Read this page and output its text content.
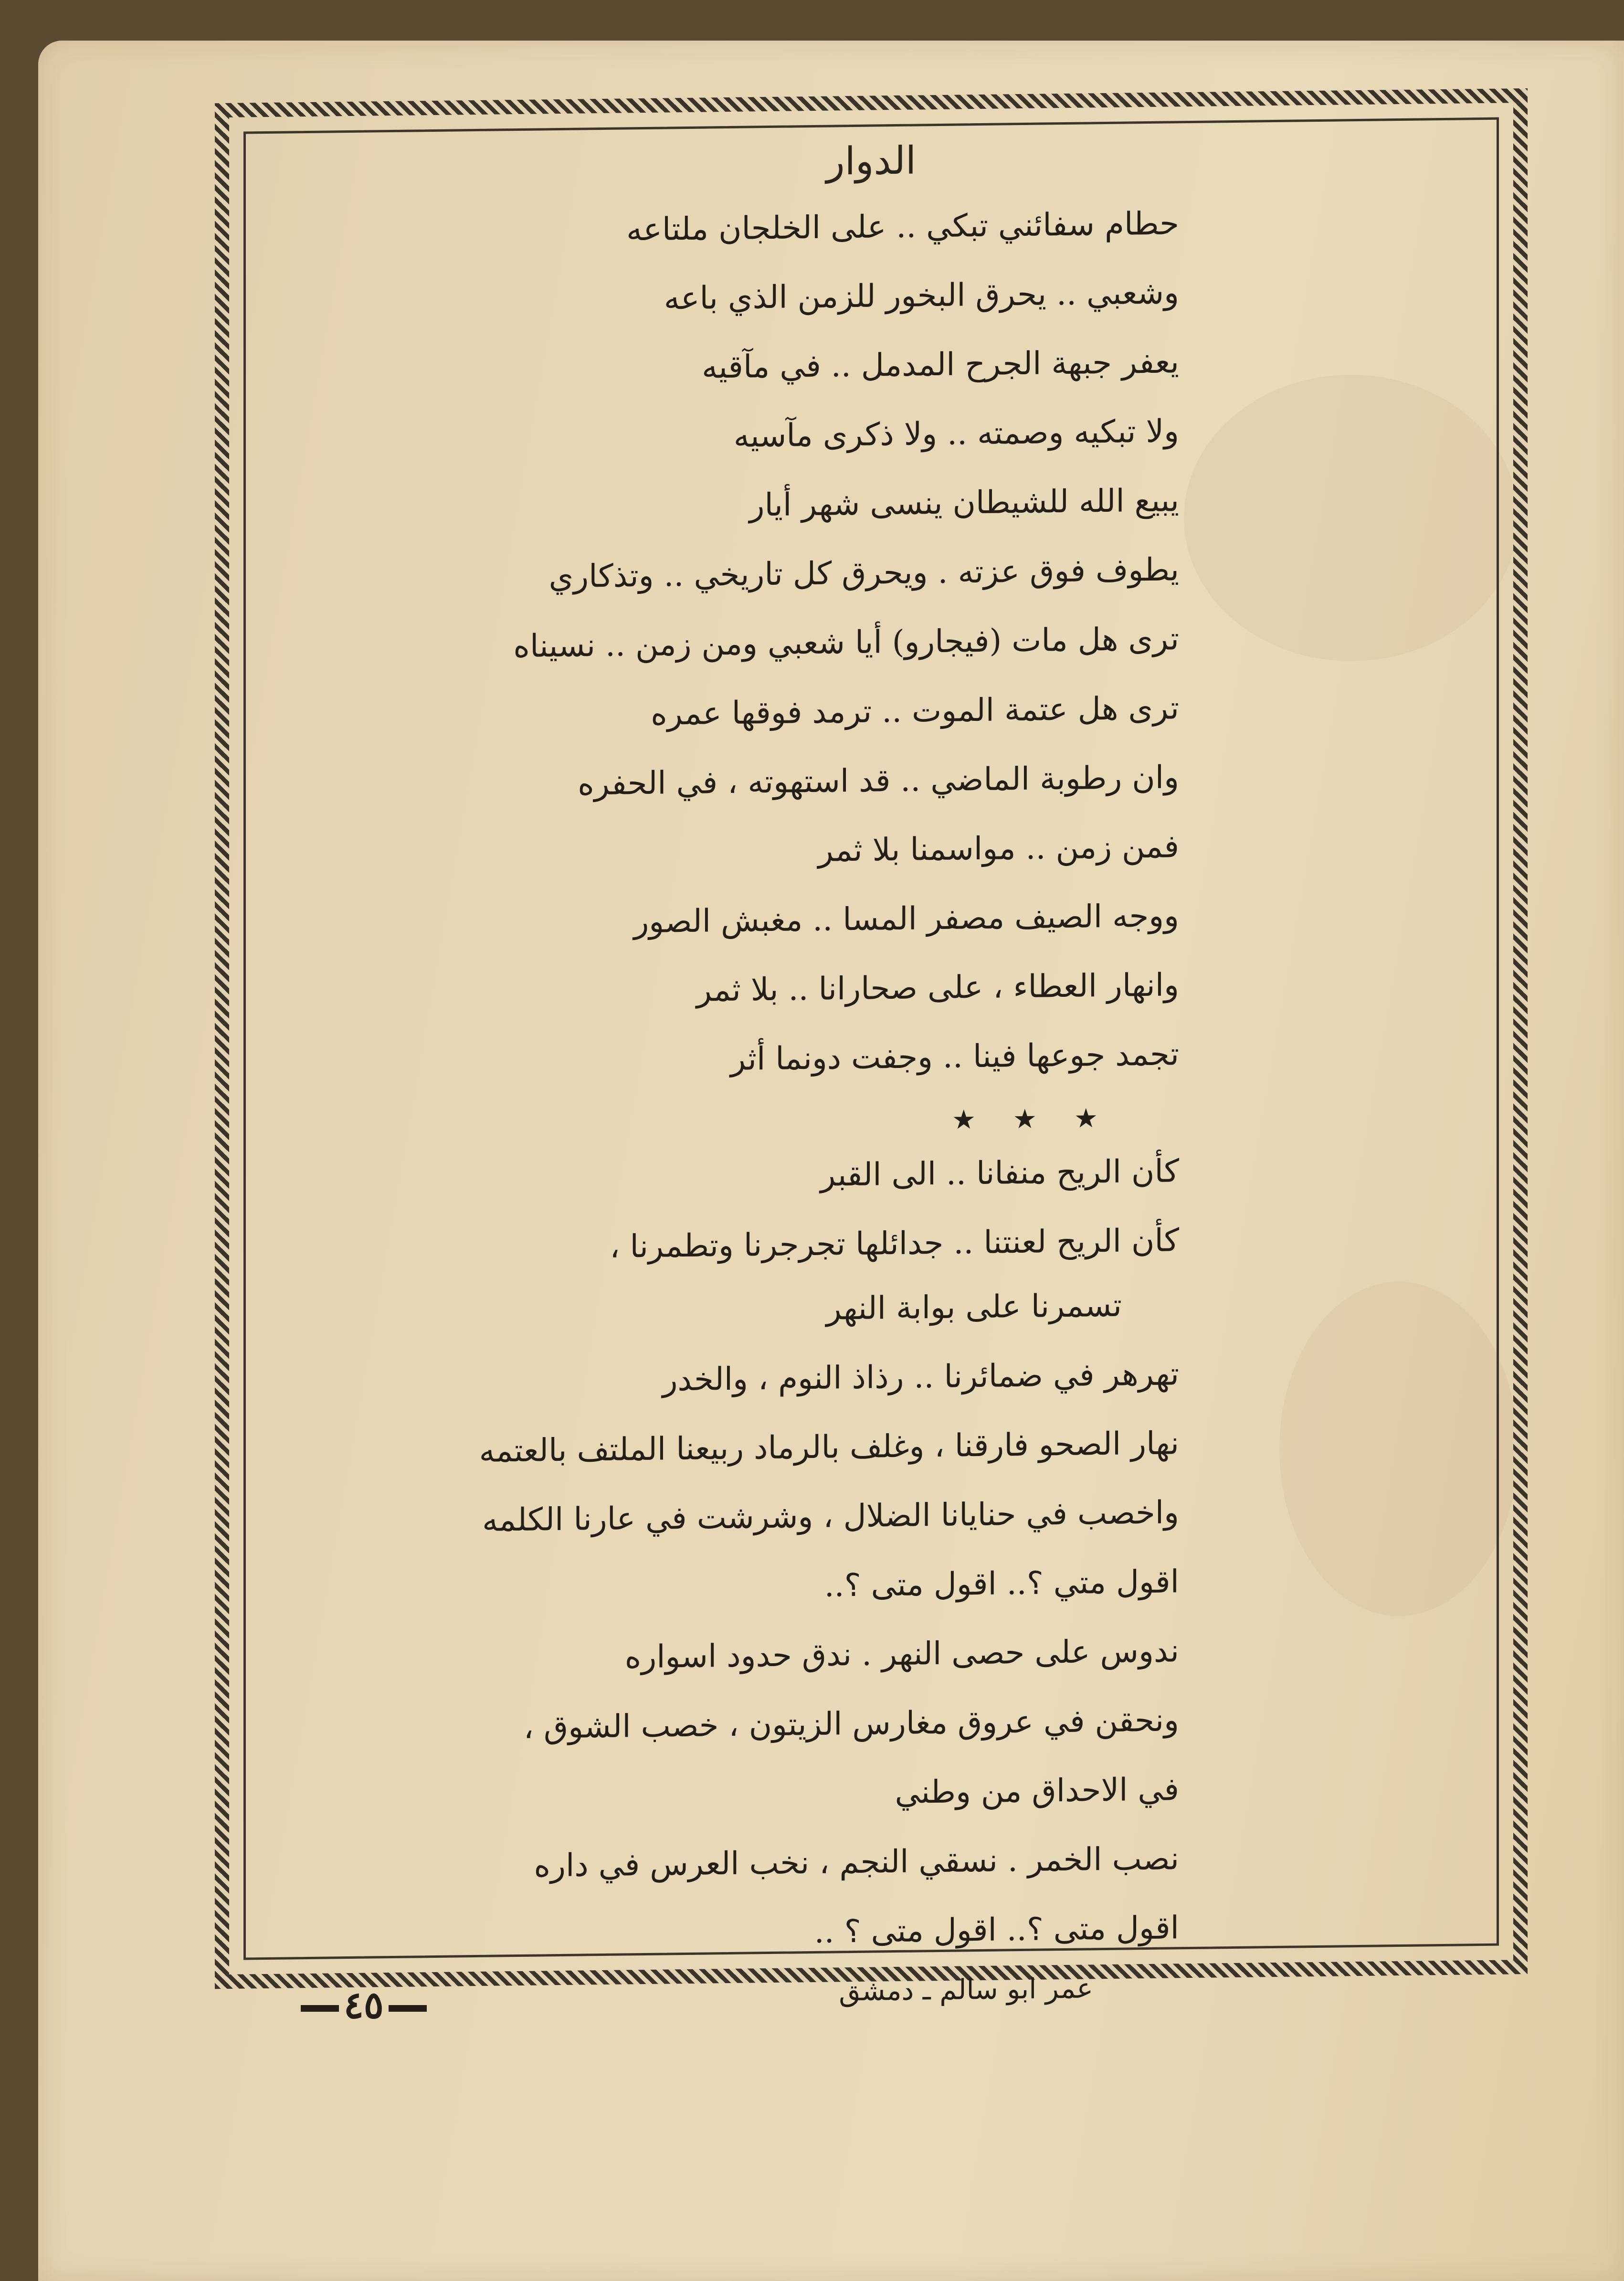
الدوار
حطام سفائني تبكي .. على الخلجان ملتاعه
وشعبي .. يحرق البخور للزمن الذي باعه
يعفر جبهة الجرح المدمل .. في مآقيه
ولا تبكيه وصمته .. ولا ذكرى مآسيه
يبيع الله للشيطان ينسى شهر أيار
يطوف فوق عزته . ويحرق كل تاريخي .. وتذكاري
ترى هل مات (فيجارو) أيا شعبي ومن زمن .. نسيناه
ترى هل عتمة الموت .. ترمد فوقها عمره
وان رطوبة الماضي .. قد استهوته ، في الحفره
فمن زمن .. مواسمنا بلا ثمر
ووجه الصيف مصفر المسا .. مغبش الصور
وانهار العطاء ، على صحارانا .. بلا ثمر
تجمد جوعها فينا .. وجفت دونما أثر
★ ★ ★
كأن الريح منفانا .. الى القبر
كأن الريح لعنتنا .. جدائلها تجرجرنا وتطمرنا ،
تسمرنا على بوابة النهر
تهرهر في ضمائرنا .. رذاذ النوم ، والخدر
نهار الصحو فارقنا ، وغلف بالرماد ربيعنا الملتف بالعتمه
واخصب في حنايانا الضلال ، وشرشت في عارنا الكلمه
اقول متي ؟.. اقول متى ؟..
ندوس على حصى النهر . ندق حدود اسواره
ونحقن في عروق مغارس الزيتون ، خصب الشوق ،
في الاحداق من وطني
نصب الخمر . نسقي النجم ، نخب العرس في داره
اقول متى ؟.. اقول متى ؟ ..
عمر ابو سالم ـ دمشق
٤٥
